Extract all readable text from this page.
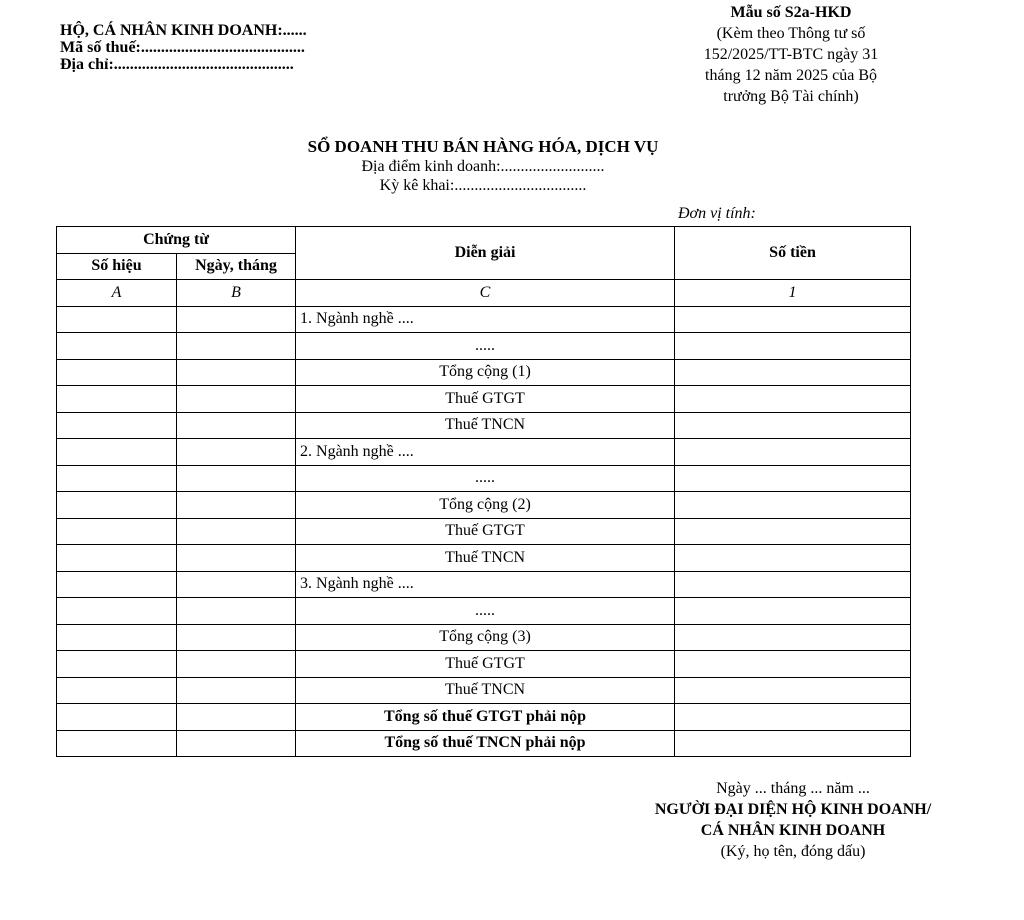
HỘ, CÁ NHÂN KINH DOANH:......
Mã số thuế:.........................................
Địa chỉ:.............................................
Mẫu số S2a-HKD
(Kèm theo Thông tư số
152/2025/TT-BTC ngày 31
tháng 12 năm 2025 của Bộ
trưởng Bộ Tài chính)
SỔ DOANH THU BÁN HÀNG HÓA, DỊCH VỤ
Địa điểm kinh doanh:..........................
Kỳ kê khai:.................................
Đơn vị tính:
Chứng từ		Diễn giải	Số tiền
Số hiệu	Ngày, tháng		
A	B	C	1
		1. Ngành nghề ....	
		.....	
		Tổng cộng (1)	
		Thuế GTGT	
		Thuế TNCN	
		2. Ngành nghề ....	
		.....	
		Tổng cộng (2)	
		Thuế GTGT	
		Thuế TNCN	
		3. Ngành nghề ....	
		.....	
		Tổng cộng (3)	
		Thuế GTGT	
		Thuế TNCN	
		Tổng số thuế GTGT phải nộp	
		Tổng số thuế TNCN phải nộp	
Ngày ... tháng ... năm ...
NGƯỜI ĐẠI DIỆN HỘ KINH DOANH/
CÁ NHÂN KINH DOANH
(Ký, họ tên, đóng dấu)
